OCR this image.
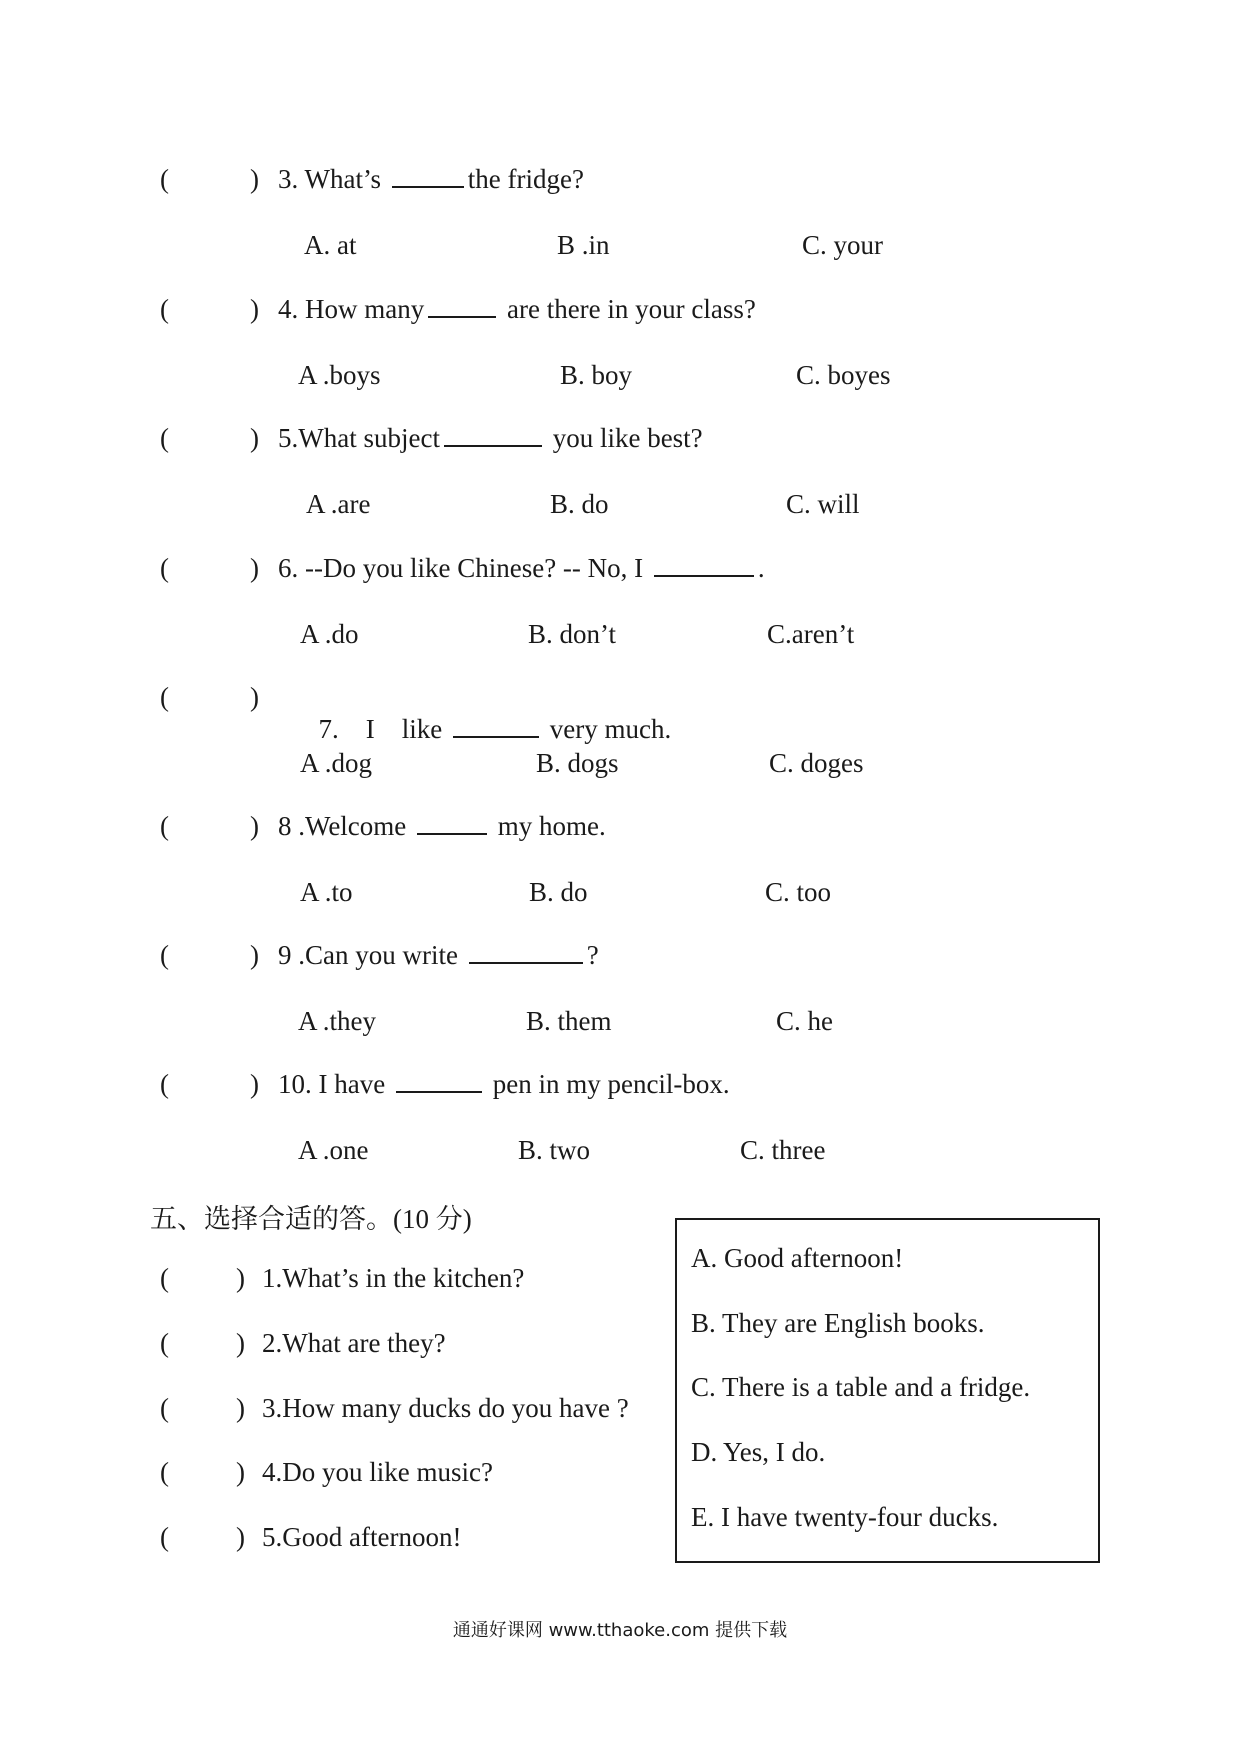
(	) 3. What’s	the fridge?
A. at	B .in	C. your
(	) 4. How many	are there in your class?
A .boys	B. boy	C. boyes
(	) 5.What subject	you like best?
A .are	B. do	C. will
(	) 6. --Do you like Chinese? -- No, I	.
A .do	B. don’t	C.aren’t
(	)

7.    I    like	very much.

A .dog	B. dogs	C. doges
(	) 8 .Welcome	my home.
A .to	B. do	C. too
(	) 9 .Can you write	?
A .they	B. them	C. he
(	) 10. I have	pen in my pencil-box.
A .one	B. two	C. three
五、选择合适的答。(10 分)
( ) 1.What’s in the kitchen?
( ) 2.What are they?
( ) 3.How many ducks do you have ?
( ) 4.Do you like music?
( ) 5.Good afternoon!
A. Good afternoon!
B. They are English books.
C. There is a table and a fridge.
D. Yes, I do.
E. I have twenty-four ducks.
通通好课网 www.tthaoke.com 提供下载
